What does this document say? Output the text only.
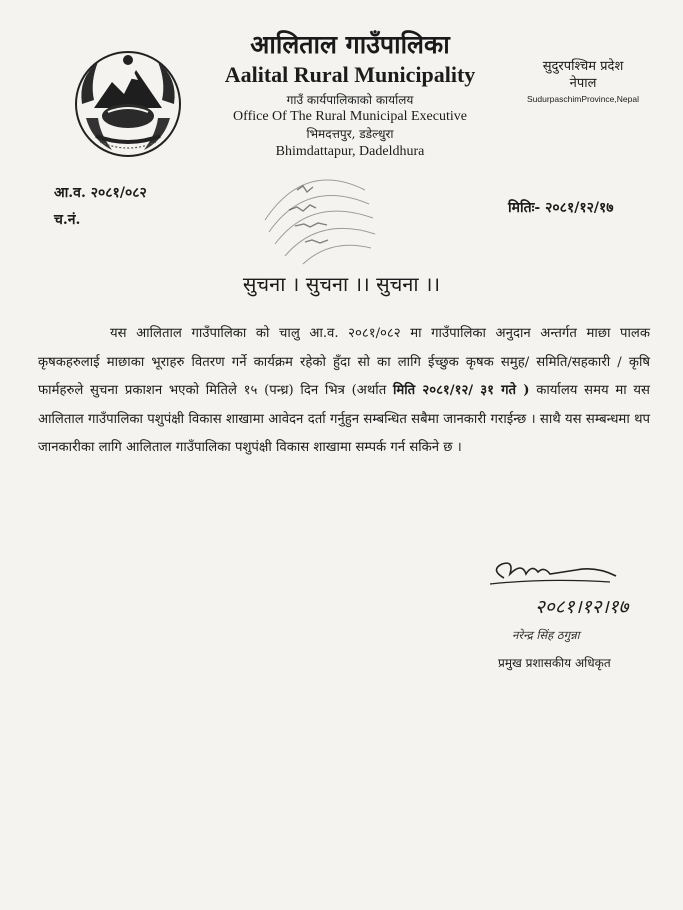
आलिताल गाउँपालिका
Aalital Rural Municipality
गाउँ कार्यपालिकाको कार्यालय
Office Of The Rural Municipal Executive
भिमदत्तपुर, डडेल्धुरा
Bhimdattapur, Dadeldhura
सुदुरपश्चिम प्रदेश
नेपाल
SudurpaschimProvince,Nepal
आ.व. २०८१/०८२
च.नं.
मितिः- २०८१/१२/१७
सुचना । सुचना ।। सुचना ।।
यस आलिताल गाउँपालिका को चालु आ.व. २०८१/०८२ मा गाउँपालिका अनुदान अन्तर्गत माछा पालक कृषकहरुलाई माछाका भूराहरु वितरण गर्ने कार्यक्रम रहेको हुँदा सो का लागि ईच्छुक कृषक समुह/ समिति/सहकारी / कृषि फार्महरुले सुचना प्रकाशन भएको मितिले १५ (पन्ध्र) दिन भित्र (अर्थात मिति २०८१/१२/ ३१ गते ) कार्यालय समय मा यस आलिताल गाउँपालिका पशुपंक्षी विकास शाखामा आवेदन दर्ता गर्नुहुन सम्बन्धित सबैमा जानकारी गराईन्छ । साथै यस सम्बन्धमा थप जानकारीका लागि आलिताल गाउँपालिका पशुपंक्षी विकास शाखामा सम्पर्क गर्न सकिने छ ।
२०८१।१२।१७
नरेन्द्र सिंह ठगुन्ना
प्रमुख प्रशासकीय अधिकृत
